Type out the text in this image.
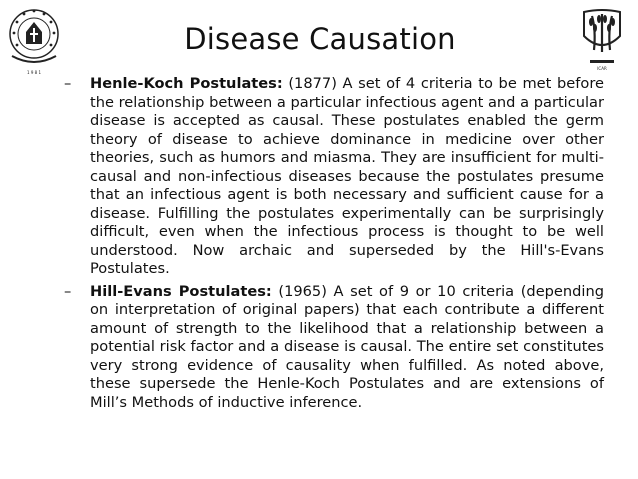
1 9 8 1
Disease Causation
ICAR
– Henle-Koch Postulates: (1877) A set of 4 criteria to be met before the relationship between a particular infectious agent and a particular disease is accepted as causal. These postulates enabled the germ theory of disease to achieve dominance in medicine over other theories, such as humors and miasma. They are insufficient for multi-causal and non-infectious diseases because the postulates presume that an infectious agent is both necessary and sufficient cause for a disease. Fulfilling the postulates experimentally can be surprisingly difficult, even when the infectious process is thought to be well understood. Now archaic and superseded by the Hill's-Evans Postulates.
– Hill-Evans Postulates: (1965) A set of 9 or 10 criteria (depending on interpretation of original papers) that each contribute a different amount of strength to the likelihood that a relationship between a potential risk factor and a disease is causal. The entire set constitutes very strong evidence of causality when fulfilled. As noted above, these supersede the Henle-Koch Postulates and are extensions of Mill’s Methods of inductive inference.
